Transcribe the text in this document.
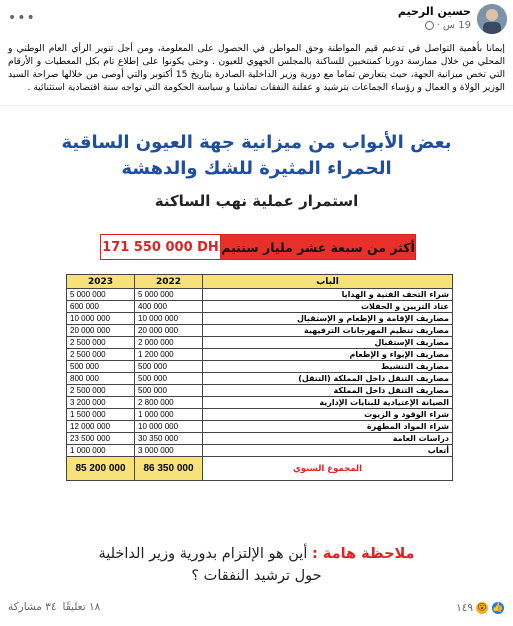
•••	حسين الرحيم
19 س
·
إيمانا بأهمية التواصل في تدعيم قيم المواطنة وحق المواطن في الحصول على المعلومة، ومن أجل تنوير الرأي العام الوطني و المحلي من خلال ممارسة دورنا كمنتخبين للساكنة بالمجلس الجهوي للعيون . وحتى يكونوا على إطلاع تام بكل المعطيات و الأرقام التي تخص ميزانية الجهة، حيث يتعارض تماما مع دورية وزير الداخلية الصادرة بتاريخ 15 أكتوبر والتي أوصى من خلالها صراحة السيد الوزير الولاة و العمال و رؤساء الجماعات بترشيد و عقلنة النفقات تماشيا و سياسة الحكومة التي تواجه سنة اقتصادية استثنائية .
بعض الأبواب من ميزانية جهة العيون الساقية
الحمراء المثيرة للشك والدهشة
استمرار عملية نهب الساكنة
171 550 000 DH أكثر من سبعة عشر مليار سنتيم
2023	2022	الباب
5 000 000	5 000 000	شراء التحف الفنية و الهدايا
600 000	400 000	عتاد التزيين و الحفلات
10 000 000	10 000 000	مصاريف الإقامة و الإطعام و الإستقبال
20 000 000	20 000 000	مصاريف تنظيم المهرجانات الترفيهية
2 500 000	2 000 000	مصاريف الإستقبال
2 500 000	1 200 000	مصاريف الإيواء و الإطعام
500 000	500 000	مصاريف التنشيط
800 000	500 000	مصاريف التنقل داخل المملكة (التنقل)
2 500 000	500 000	مصاريف التنقل داخل المملكة
3 200 000	2 800 000	الصيانة الإعتيادية للبنايات الإدارية
1 500 000	1 000 000	شراء الوقود و الزيوت
12 000 000	10 000 000	شراء المواد المطهرة
23 500 000	30 350 000	دراسات العامة
1 000 000	3 000 000	أتعاب
85 200 000	86 350 000	المجموع السنوي
ملاحظة هامة : أين هو الإلتزام بدورية وزير الداخلية
حول ترشيد النفقات ؟
١٤٩ 😮 👍
١٨ تعليقًا
٣٤ مشاركة
